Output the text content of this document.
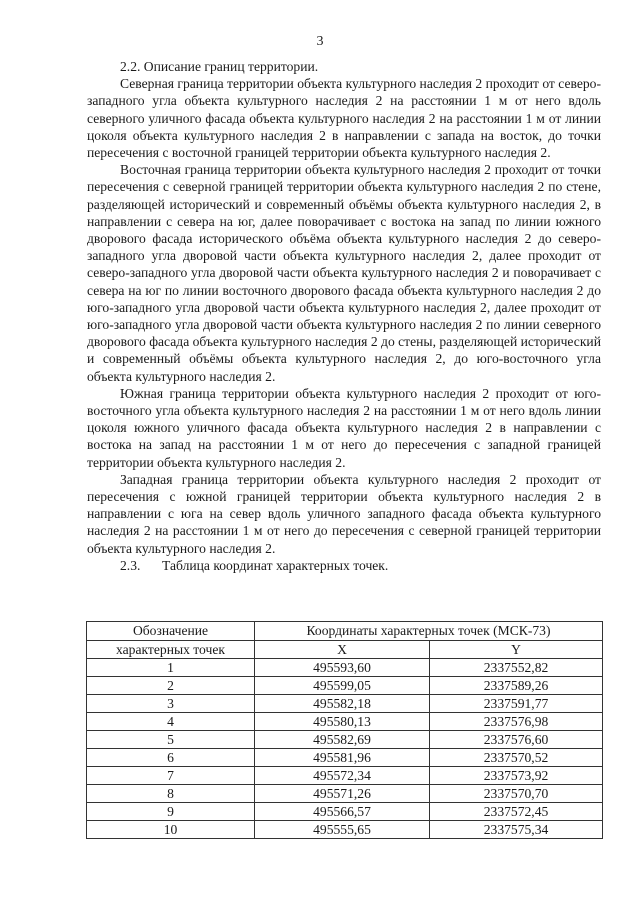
3

2.2. Описание границ территории.

Северная граница территории объекта культурного наследия 2 проходит от северо-западного угла объекта культурного наследия 2 на расстоянии 1 м от него вдоль северного уличного фасада объекта культурного наследия 2 на расстоянии 1 м от линии цоколя объекта культурного наследия 2 в направлении с запада на восток, до точки пересечения с восточной границей территории объекта культурного наследия 2.

Восточная граница территории объекта культурного наследия 2 проходит от точки пересечения с северной границей территории объекта культурного наследия 2 по стене, разделяющей исторический и современный объёмы объекта культурного наследия 2, в направлении с севера на юг, далее поворачивает с востока на запад по линии южного дворового фасада исторического объёма объекта культурного наследия 2 до северо-западного угла дворовой части объекта культурного наследия 2, далее проходит от северо-западного угла дворовой части объекта культурного наследия 2 и поворачивает с севера на юг по линии восточного дворового фасада объекта культурного наследия 2 до юго-западного угла дворовой части объекта культурного наследия 2, далее проходит от юго-западного угла дворовой части объекта культурного наследия 2 по линии северного дворового фасада объекта культурного наследия 2 до стены, разделяющей исторический и современный объёмы объекта культурного наследия 2, до юго-восточного угла объекта культурного наследия 2.

Южная граница территории объекта культурного наследия 2 проходит от юго-восточного угла объекта культурного наследия 2 на расстоянии 1 м от него вдоль линии цоколя южного уличного фасада объекта культурного наследия 2 в направлении с востока на запад на расстоянии 1 м от него до пересечения с западной границей территории объекта культурного наследия 2.

Западная граница территории объекта культурного наследия 2 проходит от пересечения с южной границей территории объекта культурного наследия 2 в направлении с юга на север вдоль уличного западного фасада объекта культурного наследия 2 на расстоянии 1 м от него до пересечения с северной границей территории объекта культурного наследия 2.

2.3. Таблица координат характерных точек.

Обозначение	Координаты характерных точек (МСК-73)	
характерных точек	X	Y
1	495593,60	2337552,82
2	495599,05	2337589,26
3	495582,18	2337591,77
4	495580,13	2337576,98
5	495582,69	2337576,60
6	495581,96	2337570,52
7	495572,34	2337573,92
8	495571,26	2337570,70
9	495566,57	2337572,45
10	495555,65	2337575,34
